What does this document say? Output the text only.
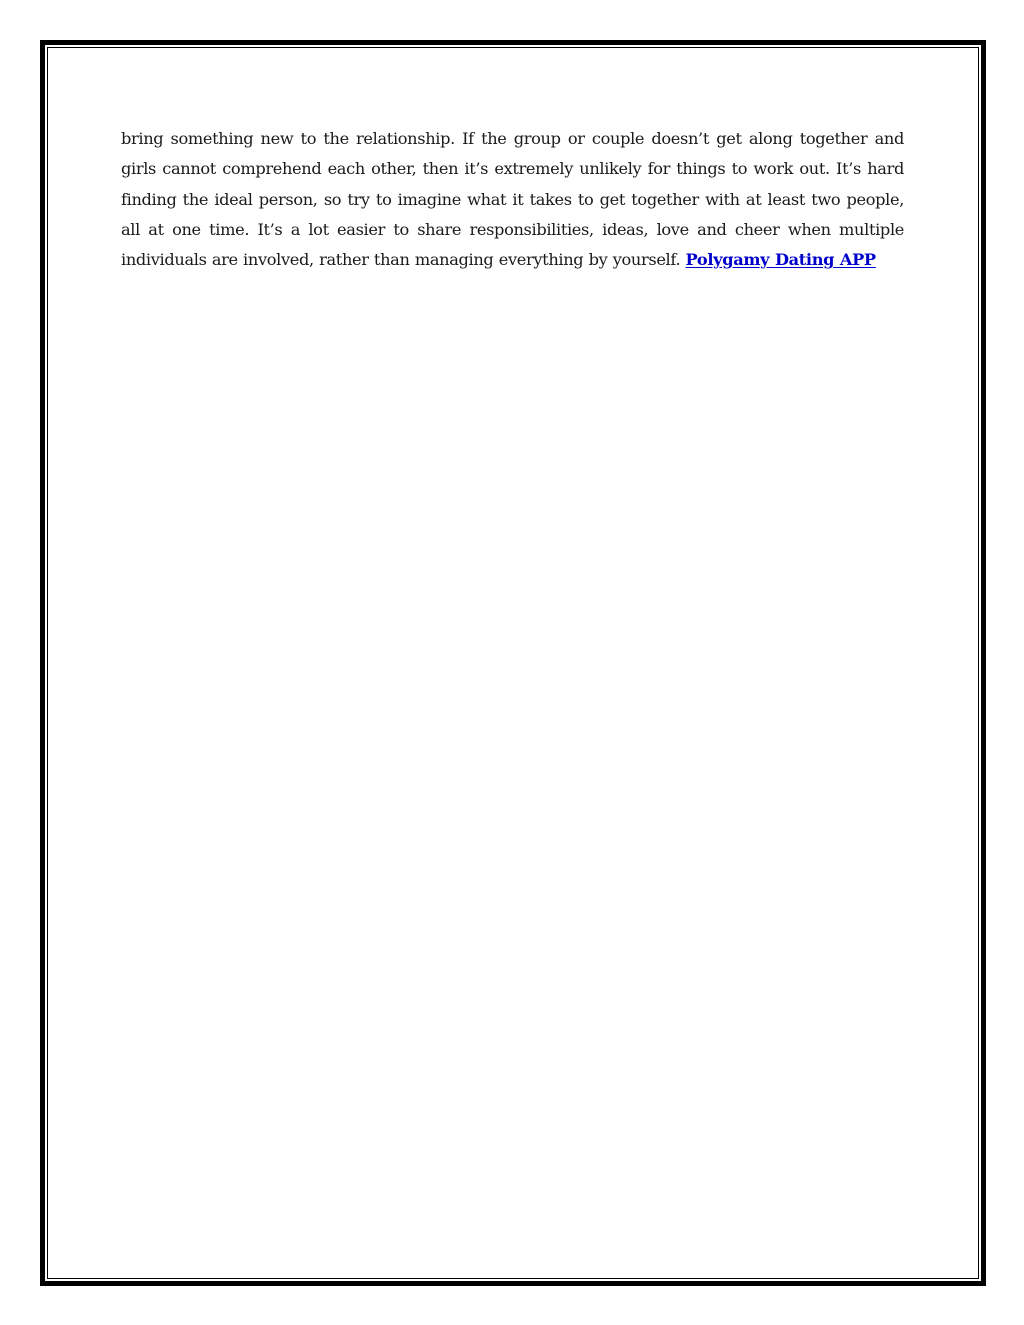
bring something new to the relationship. If the group or couple doesn’t get along together and girls cannot comprehend each other, then it’s extremely unlikely for things to work out. It’s hard finding the ideal person, so try to imagine what it takes to get together with at least two people, all at one time. It’s a lot easier to share responsibilities, ideas, love and cheer when multiple individuals are involved, rather than managing everything by yourself. Polygamy Dating APP
